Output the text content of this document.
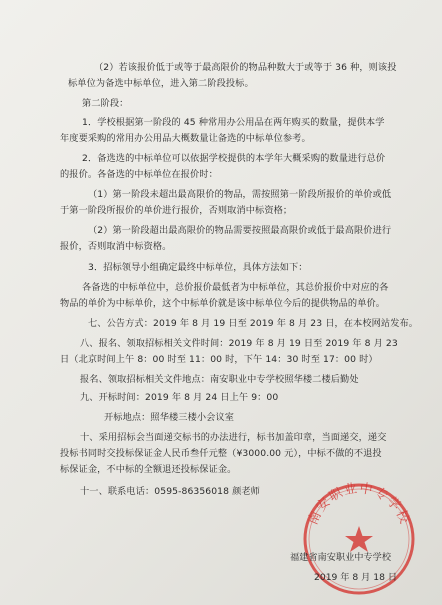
（2）若该报价低于或等于最高限价的物品种数大于或等于 36 种，则该投
标单位为备选中标单位，进入第二阶段投标。
第二阶段：
1．学校根据第一阶段的 45 种常用办公用品在两年购买的数量，提供本学
年度要采购的常用办公用品大概数量让备选的中标单位参考。
2．备选选的中标单位可以依据学校提供的本学年大概采购的数量进行总价
的报价。各备选的中标单位在报价时：
（1）第一阶段未超出最高限价的物品，需按照第一阶段所报价的单价或低
于第一阶段所报价的单价进行报价，否则取消中标资格；
（2）第一阶段超出最高限价的物品需要按照最高限价或低于最高限价进行
报价，否则取消中标资格。
3．招标领导小组确定最终中标单位，具体方法如下：
各备选的中标单位中，总价报价最低者为中标单位，其总价报价中对应的各
物品的单价为中标单价，这个中标单价就是该中标单位今后的提供物品的单价。
七、公告方式：2019 年 8 月 19 日至 2019 年 8 月 23 日，在本校网站发布。
八、报名、领取招标相关文件时间：2019 年 8 月 19 日至 2019 年 8 月 23
日（北京时间上午 8：00 时至 11：00 时，下午 14：30 时至 17：00 时）
报名、领取招标相关文件地点：南安职业中专学校照华楼二楼后勤处
九、开标时间：2019 年 8 月 24 日上午 9：00
开标地点：照华楼三楼小会议室
十、采用招标会当面递交标书的办法进行，标书加盖印章，当面递交，递交
投标书同时交投标保证金人民币叁仟元整（¥3000.00 元），中标不做的不退投
标保证金，不中标的全额退还投标保证金。
十一、联系电话：0595-86356018 颜老师
南安职业中专学校
福建省南安职业中专学校
2019 年 8 月 18 日
